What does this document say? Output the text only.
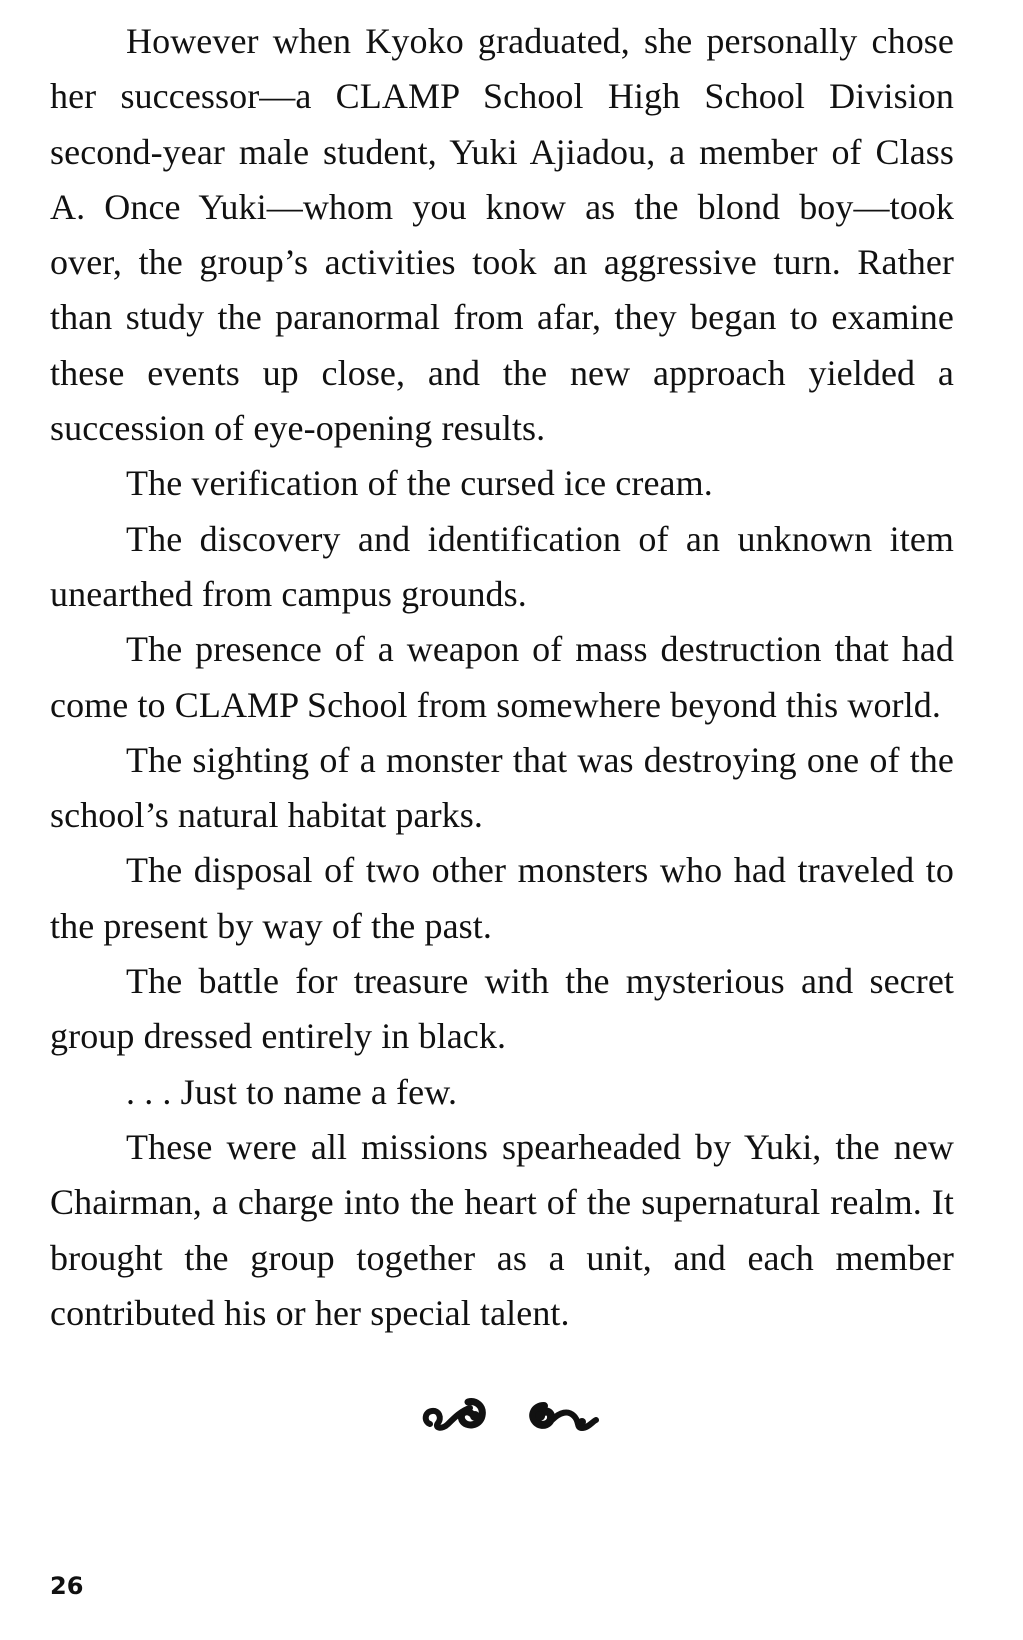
However when Kyoko graduated, she personally chose her successor—a CLAMP School High School Division second-year male student, Yuki Ajiadou, a member of Class A. Once Yuki—whom you know as the blond boy—took over, the group’s activities took an aggressive turn. Rather than study the paranormal from afar, they began to examine these events up close, and the new approach yielded a succession of eye-opening results.

The verification of the cursed ice cream.

The discovery and identification of an unknown item unearthed from campus grounds.

The presence of a weapon of mass destruction that had come to CLAMP School from somewhere beyond this world.

The sighting of a monster that was destroying one of the school’s natural habitat parks.

The disposal of two other monsters who had traveled to the present by way of the past.

The battle for treasure with the mysterious and secret group dressed entirely in black.

. . . Just to name a few.

These were all missions spearheaded by Yuki, the new Chairman, a charge into the heart of the supernatural realm. It brought the group together as a unit, and each member contributed his or her special talent.

26
